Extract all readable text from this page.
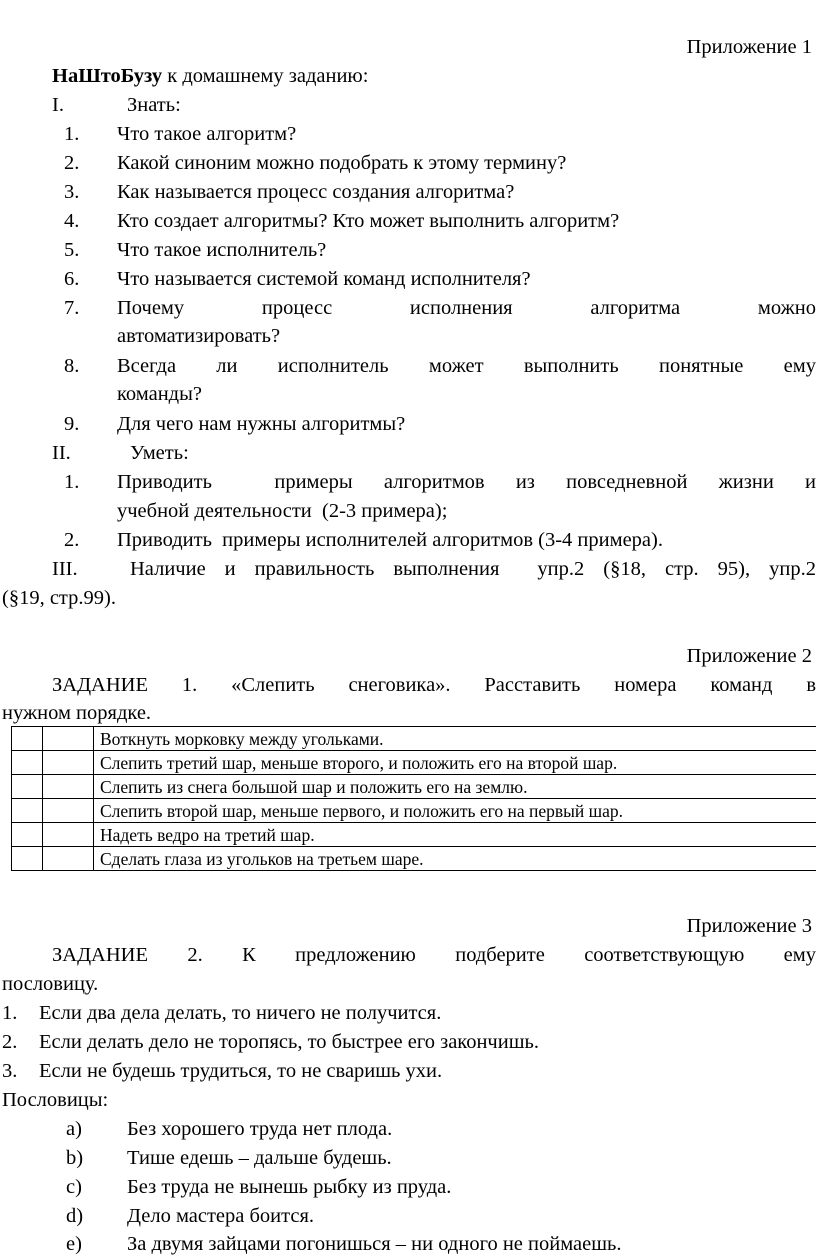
Приложение 1
НаШтоБузу к домашнему заданию:
I.	Знать:
1. Что такое алгоритм?
2. Какой синоним можно подобрать к этому термину?
3. Как называется процесс создания алгоритма?
4. Кто создает алгоритмы? Кто может выполнить алгоритм?
5. Что такое исполнитель?
6. Что называется системой команд исполнителя?
7. Почему процесс исполнения алгоритма можно
автоматизировать?
8. Всегда ли исполнитель может выполнить понятные ему
команды?
9. Для чего нам нужны алгоритмы?
II.	Уметь:
1. Приводить  примеры алгоритмов из повседневной жизни и
учебной деятельности  (2-3 примера);
2. Приводить  примеры исполнителей алгоритмов (3-4 примера).
III.	Наличие и правильность выполнения  упр.2 (§18, стр. 95), упр.2
(§19, стр.99).
Приложение 2
ЗАДАНИЕ 1. «Слепить снеговика». Расставить номера команд в
нужном порядке.
		Воткнуть морковку между угольками.
		Слепить третий шар, меньше второго, и положить его на второй шар.
		Слепить из снега большой шар и положить его на землю.
		Слепить второй шар, меньше первого, и положить его на первый шар.
		Надеть ведро на третий шар.
		Сделать глаза из угольков на третьем шаре.
Приложение 3
ЗАДАНИЕ 2. К предложению подберите соответствующую ему
пословицу.
1. Если два дела делать, то ничего не получится.
2. Если делать дело не торопясь, то быстрее его закончишь.
3. Если не будешь трудиться, то не сваришь ухи.
Пословицы:
a) Без хорошего труда нет плода.
b) Тише едешь – дальше будешь.
c) Без труда не вынешь рыбку из пруда.
d) Дело мастера боится.
e) За двумя зайцами погонишься – ни одного не поймаешь.
